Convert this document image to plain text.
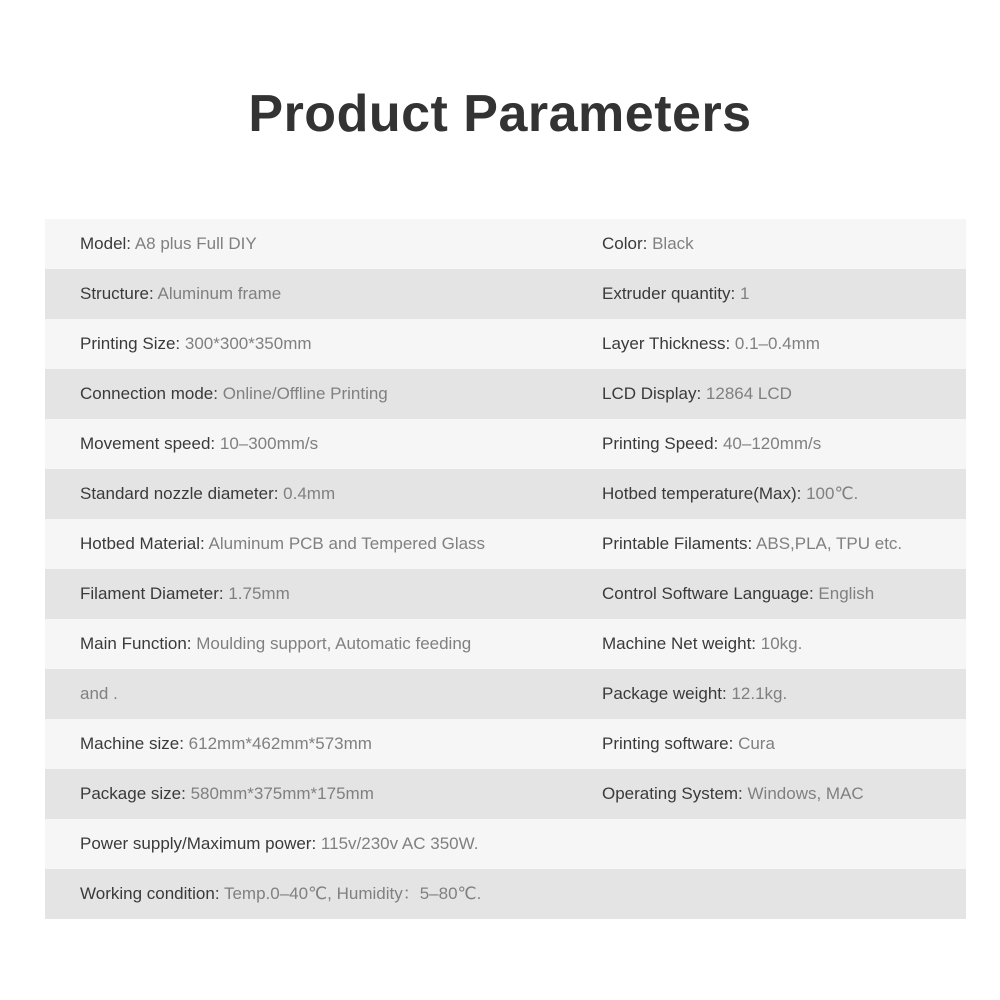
Product Parameters
Model: A8 plus Full DIY	Color: Black
Structure: Aluminum frame	Extruder quantity: 1
Printing Size: 300*300*350mm	Layer Thickness: 0.1–0.4mm
Connection mode: Online/Offline Printing	LCD Display: 12864 LCD
Movement speed: 10–300mm/s	Printing Speed: 40–120mm/s
Standard nozzle diameter: 0.4mm	Hotbed temperature(Max): 100℃.
Hotbed Material: Aluminum PCB and Tempered Glass	Printable Filaments: ABS,PLA, TPU etc.
Filament Diameter: 1.75mm	Control Software Language: English
Main Function: Moulding support, Automatic feeding	Machine Net weight: 10kg.
and .	Package weight: 12.1kg.
Machine size: 612mm*462mm*573mm	Printing software: Cura
Package size: 580mm*375mm*175mm	Operating System: Windows, MAC
Power supply/Maximum power: 115v/230v AC 350W.
Working condition: Temp.0–40℃, Humidity：5–80℃.
